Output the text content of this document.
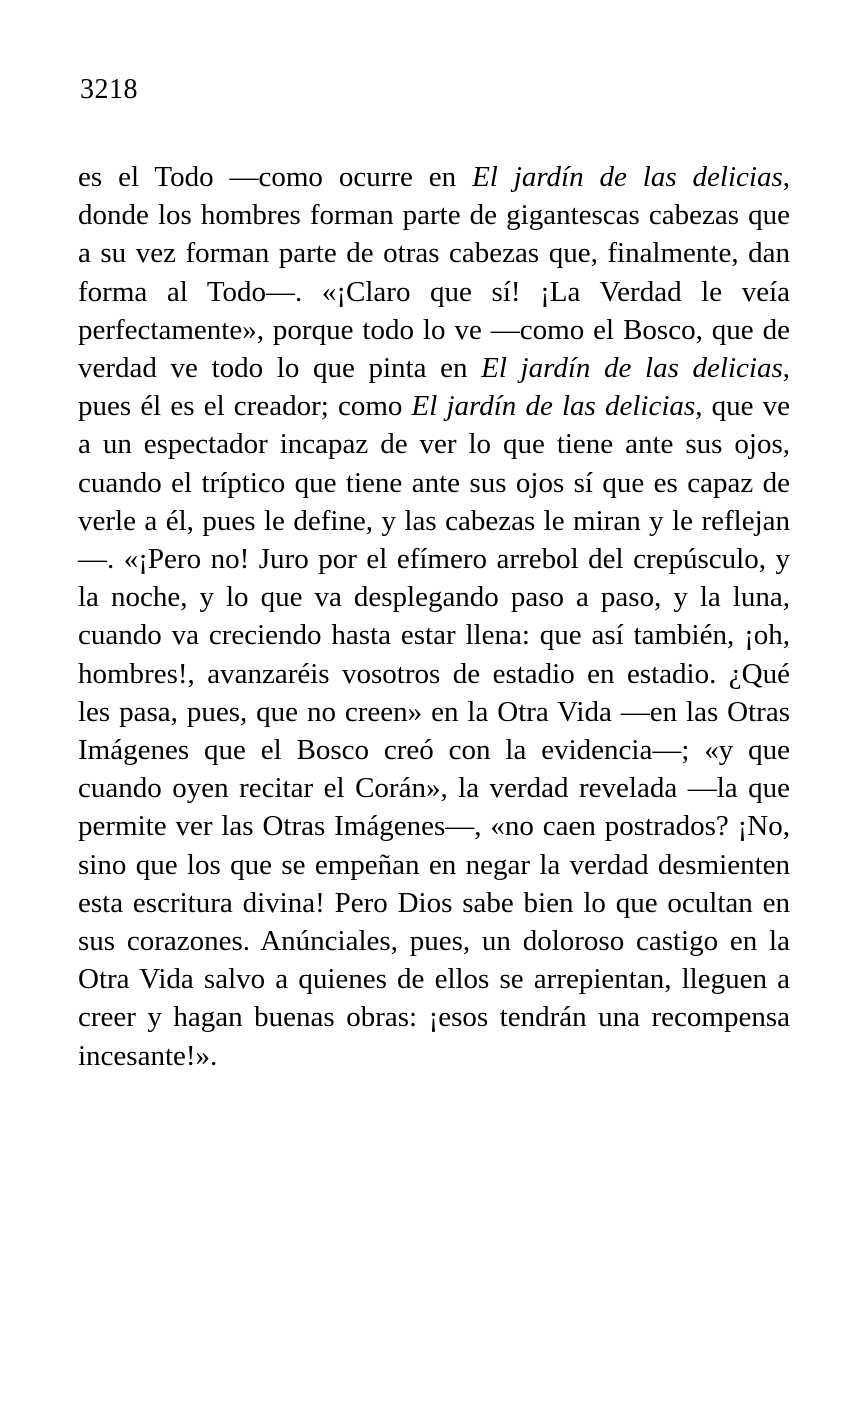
3218
es el Todo —como ocurre en El jardín de las delicias, donde los hombres forman parte de gigantescas cabezas que a su vez forman parte de otras cabezas que, finalmente, dan forma al Todo—. «¡Claro que sí! ¡La Verdad le veía perfectamente», porque todo lo ve —como el Bosco, que de verdad ve todo lo que pinta en El jardín de las delicias, pues él es el creador; como El jardín de las delicias, que ve a un espectador incapaz de ver lo que tiene ante sus ojos, cuando el tríptico que tiene ante sus ojos sí que es capaz de verle a él, pues le define, y las cabezas le miran y le reflejan—. «¡Pero no! Juro por el efímero arrebol del crepúsculo, y la noche, y lo que va desplegando paso a paso, y la luna, cuando va creciendo hasta estar llena: que así también, ¡oh, hombres!, avanzaréis vosotros de estadio en estadio. ¿Qué les pasa, pues, que no creen» en la Otra Vida —en las Otras Imágenes que el Bosco creó con la evidencia—; «y que cuando oyen recitar el Corán», la verdad revelada —la que permite ver las Otras Imágenes—, «no caen postrados? ¡No, sino que los que se empeñan en negar la verdad desmienten esta escritura divina! Pero Dios sabe bien lo que ocultan en sus corazones. Anúnciales, pues, un doloroso castigo en la Otra Vida salvo a quienes de ellos se arrepientan, lleguen a creer y hagan buenas obras: ¡esos tendrán una recompensa incesante!».
